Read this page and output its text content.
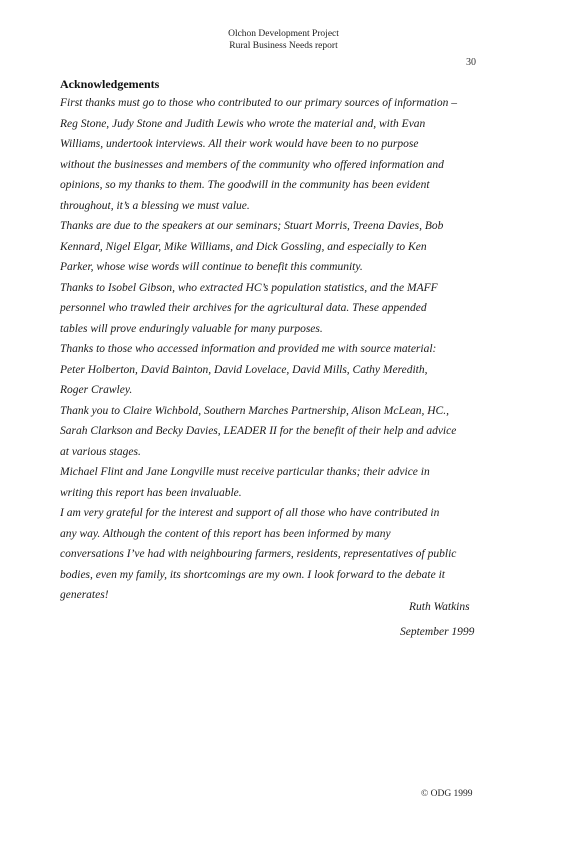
Olchon Development Project
Rural Business Needs report
30
Acknowledgements
First thanks must go to those who contributed to our primary sources of information –
Reg Stone, Judy Stone and Judith Lewis who wrote the material and, with Evan
Williams, undertook interviews. All their work would have been to no purpose
without the businesses and members of the community who offered information and
opinions, so my thanks to them. The goodwill in the community has been evident
throughout, it’s a blessing we must value.
Thanks are due to the speakers at our seminars; Stuart Morris, Treena Davies, Bob
Kennard, Nigel Elgar, Mike Williams, and Dick Gossling, and especially to Ken
Parker, whose wise words will continue to benefit this community.
Thanks to Isobel Gibson, who extracted HC’s population statistics, and the MAFF
personnel who trawled their archives for the agricultural data. These appended
tables will prove enduringly valuable for many purposes.
Thanks to those who accessed information and provided me with source material:
Peter Holberton, David Bainton, David Lovelace, David Mills, Cathy Meredith,
Roger Crawley.
Thank you to Claire Wichbold, Southern Marches Partnership, Alison McLean, HC.,
Sarah Clarkson and Becky Davies, LEADER II for the benefit of their help and advice
at various stages.
Michael Flint and Jane Longville must receive particular thanks; their advice in
writing this report has been invaluable.
I am very grateful for the interest and support of all those who have contributed in
any way. Although the content of this report has been informed by many
conversations I’ve had with neighbouring farmers, residents, representatives of public
bodies, even my family, its shortcomings are my own. I look forward to the debate it
generates!
Ruth Watkins
September 1999
© ODG 1999
